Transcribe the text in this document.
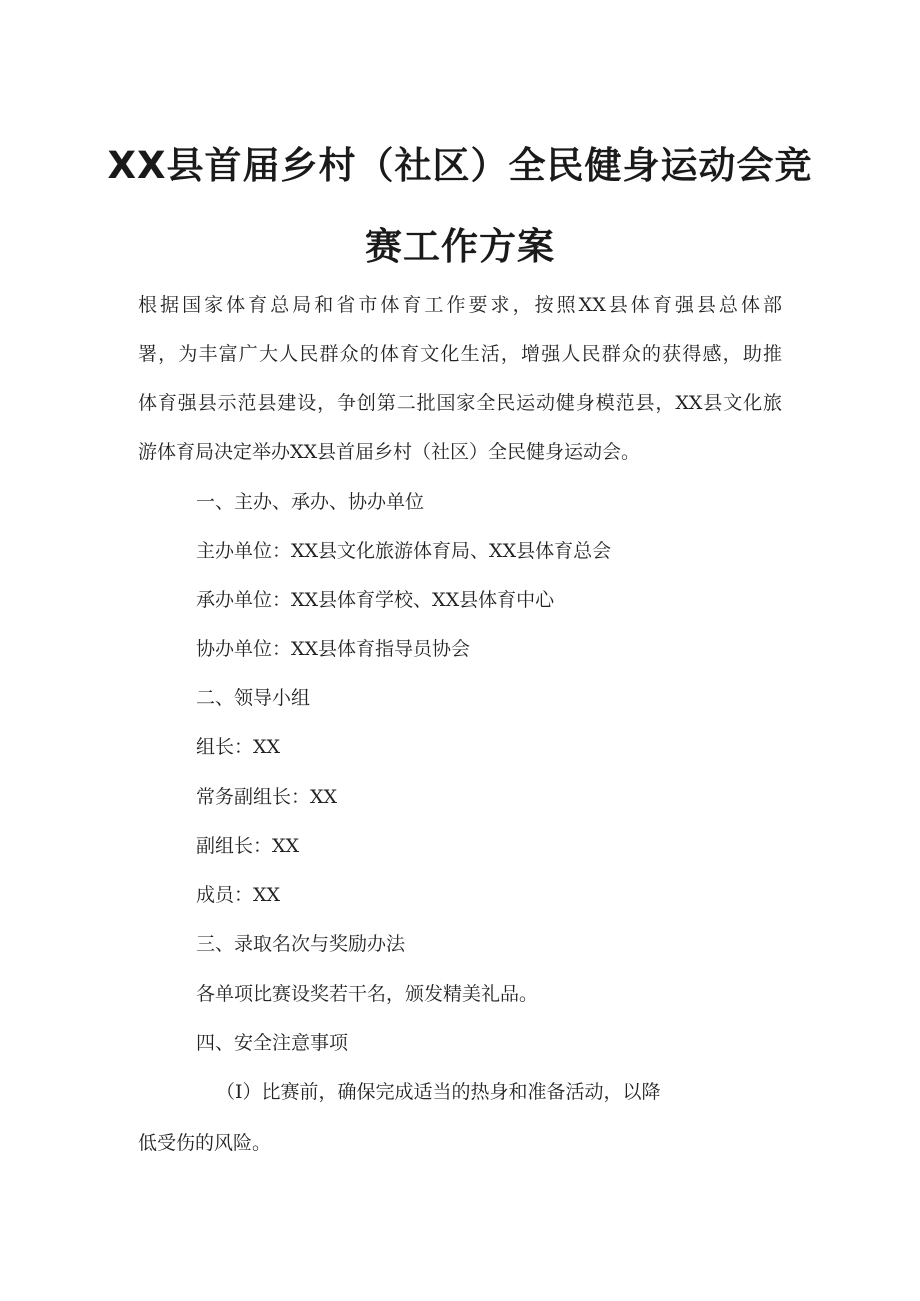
XX县首届乡村（社区）全民健身运动会竞
赛工作方案
根据国家体育总局和省市体育工作要求，按照XX县体育强县总体部
署，为丰富广大人民群众的体育文化生活，增强人民群众的获得感，助推
体育强县示范县建设，争创第二批国家全民运动健身模范县，XX县文化旅
游体育局决定举办XX县首届乡村（社区）全民健身运动会。
一、主办、承办、协办单位
主办单位：XX县文化旅游体育局、XX县体育总会
承办单位：XX县体育学校、XX县体育中心
协办单位：XX县体育指导员协会
二、领导小组
组长：XX
常务副组长：XX
副组长：XX
成员：XX
三、录取名次与奖励办法
各单项比赛设奖若干名，颁发精美礼品。
四、安全注意事项
（I）比赛前，确保完成适当的热身和准备活动，以降
低受伤的风险。
